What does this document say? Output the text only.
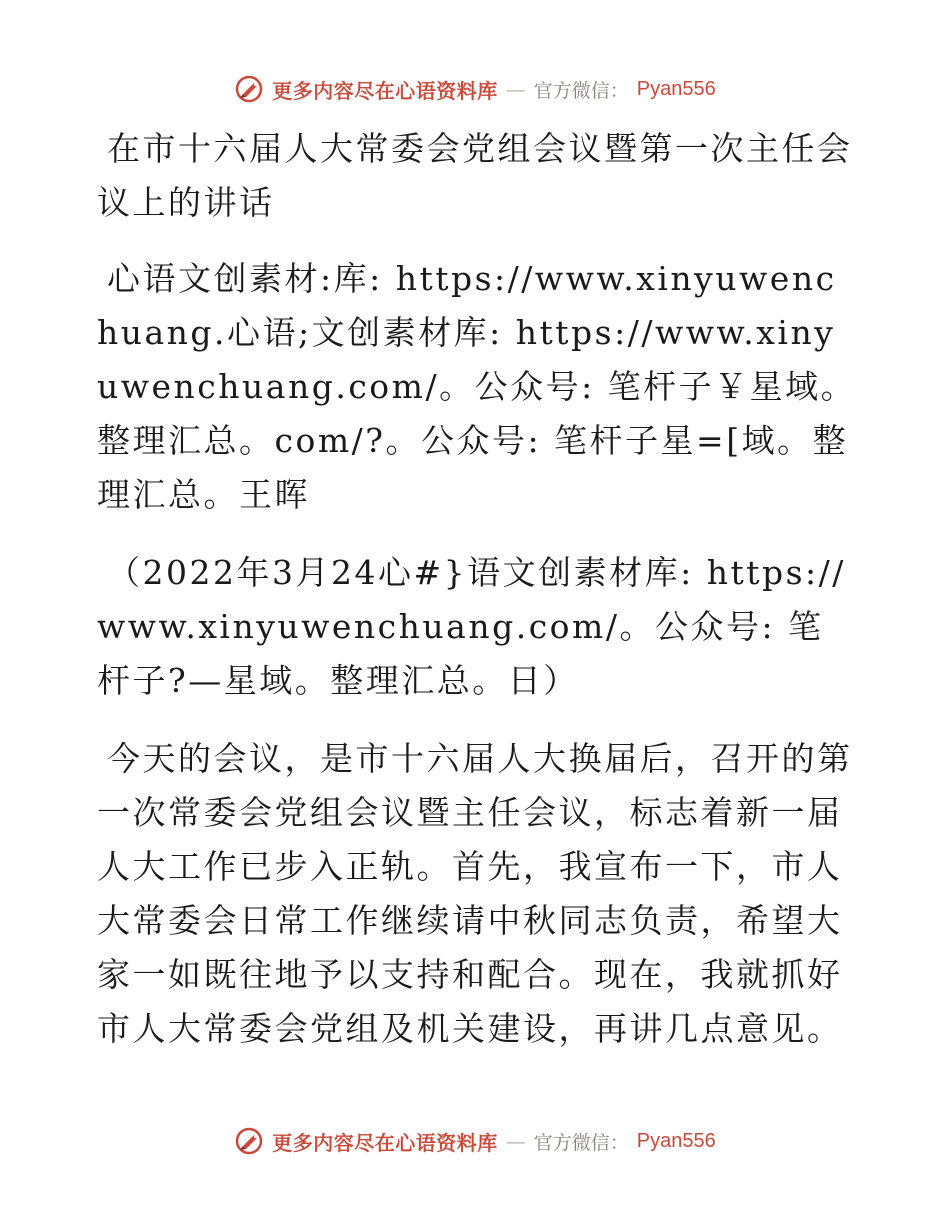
更多内容尽在心语资料库 — 官方微信： Pyan556

在市十六届人大常委会党组会议暨第一次主任会议上的讲话

心语文创素材:库: https://www.xinyuwenchuang.心语;文创素材库: https://www.xinyuwenchuang.com/。公众号: 笔杆子￥星域。整理汇总。com/?。公众号: 笔杆子星=[域。整理汇总。王晖

（2022年3月24心#}语文创素材库: https://www.xinyuwenchuang.com/。公众号: 笔杆子?—星域。整理汇总。日）

今天的会议，是市十六届人大换届后，召开的第一次常委会党组会议暨主任会议，标志着新一届人大工作已步入正轨。首先，我宣布一下，市人大常委会日常工作继续请中秋同志负责，希望大家一如既往地予以支持和配合。现在，我就抓好市人大常委会党组及机关建设，再讲几点意见。

更多内容尽在心语资料库 — 官方微信： Pyan556
